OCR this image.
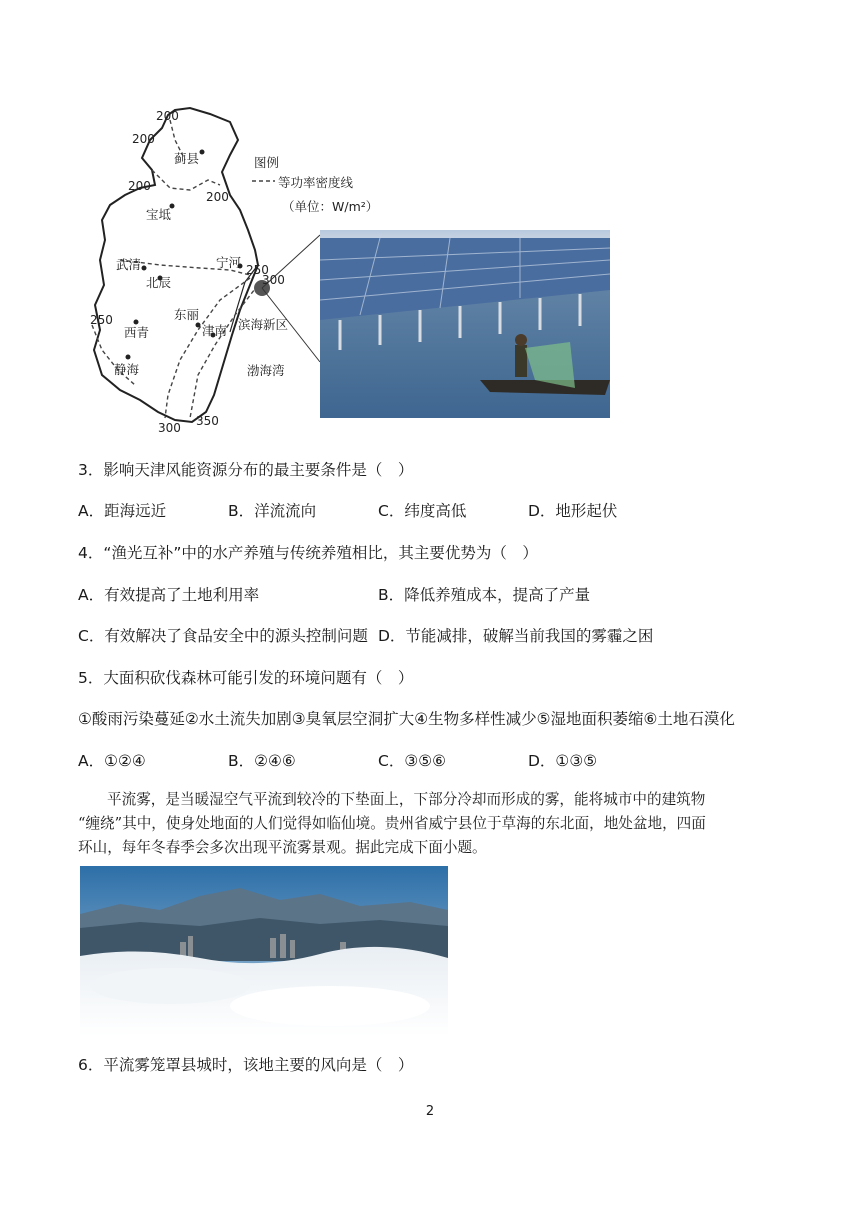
200
200
200
200
250
300
250
300 350
蓟县
宝坻
宁河
武清
北辰
东丽
西青	津南
静海
滨海新区
渤海湾
图例
等功率密度线
（单位：W/m²）
3．影响天津风能资源分布的最主要条件是（　）
A．距海远近	B．洋流流向	C．纬度高低	D．地形起伏
4．“渔光互补”中的水产养殖与传统养殖相比，其主要优势为（　）
A．有效提高了土地利用率	B．降低养殖成本，提高了产量
C．有效解决了食品安全中的源头控制问题 D．节能减排，破解当前我国的雾霾之困
5．大面积砍伐森林可能引发的环境问题有（　）
①酸雨污染蔓延②水土流失加剧③臭氧层空洞扩大④生物多样性减少⑤湿地面积萎缩⑥土地石漠化
A．①②④	B．②④⑥	C．③⑤⑥	D．①③⑤
平流雾，是当暖湿空气平流到较冷的下垫面上，下部分冷却而形成的雾，能将城市中的建筑物
“缠绕”其中，使身处地面的人们觉得如临仙境。贵州省威宁县位于草海的东北面，地处盆地，四面
环山，每年冬春季会多次出现平流雾景观。据此完成下面小题。
6．平流雾笼罩县城时，该地主要的风向是（　）
2
